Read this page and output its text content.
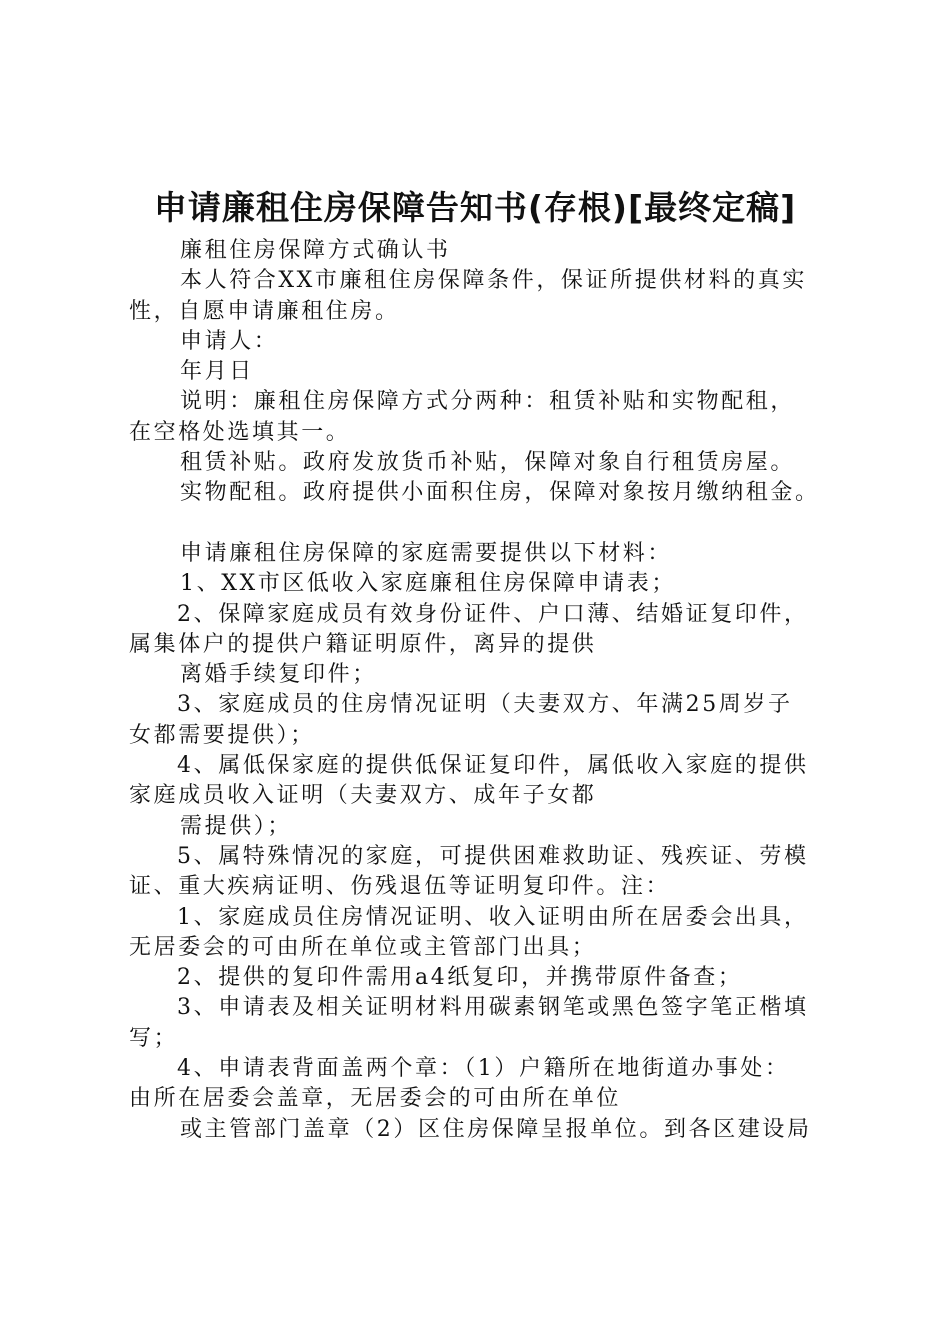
申请廉租住房保障告知书(存根)[最终定稿]

廉租住房保障方式确认书

本人符合XX市廉租住房保障条件，保证所提供材料的真实

性，自愿申请廉租住房。

申请人：

年月日

说明：廉租住房保障方式分两种：租赁补贴和实物配租，

在空格处选填其一。

租赁补贴。政府发放货币补贴，保障对象自行租赁房屋。

实物配租。政府提供小面积住房，保障对象按月缴纳租金。

申请廉租住房保障的家庭需要提供以下材料：

1、XX市区低收入家庭廉租住房保障申请表；

2、保障家庭成员有效身份证件、户口薄、结婚证复印件，

属集体户的提供户籍证明原件，离异的提供

离婚手续复印件；

3、家庭成员的住房情况证明（夫妻双方、年满25周岁子

女都需要提供）；

4、属低保家庭的提供低保证复印件，属低收入家庭的提供

家庭成员收入证明（夫妻双方、成年子女都

需提供）；

5、属特殊情况的家庭，可提供困难救助证、残疾证、劳模

证、重大疾病证明、伤残退伍等证明复印件。注：

1、家庭成员住房情况证明、收入证明由所在居委会出具，

无居委会的可由所在单位或主管部门出具；

2、提供的复印件需用a4纸复印，并携带原件备查；

3、申请表及相关证明材料用碳素钢笔或黑色签字笔正楷填

写；

4、申请表背面盖两个章：（1）户籍所在地街道办事处：

由所在居委会盖章，无居委会的可由所在单位

或主管部门盖章（2）区住房保障呈报单位。到各区建设局
